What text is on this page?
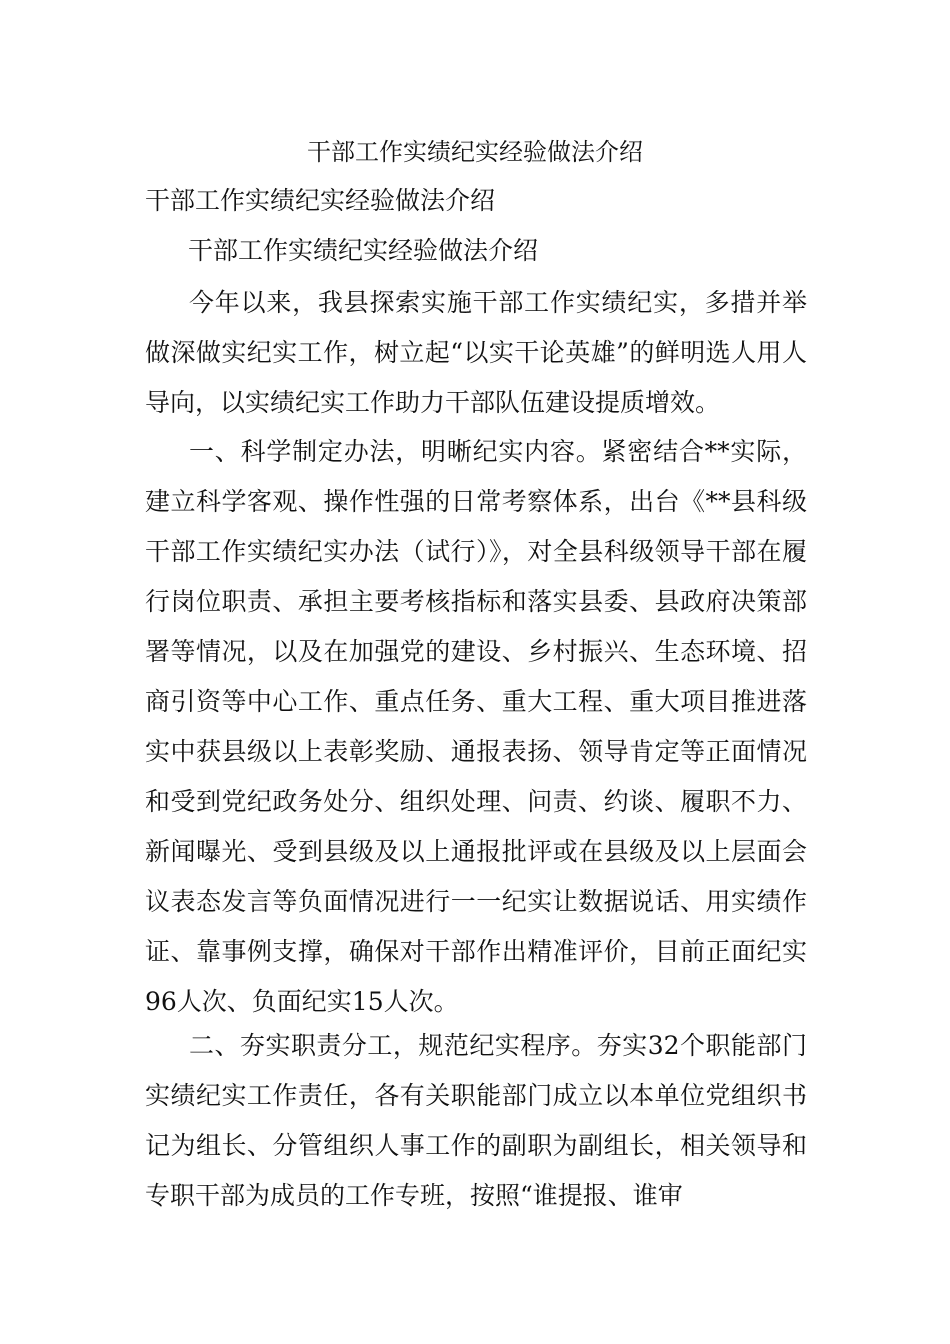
干部工作实绩纪实经验做法介绍
干部工作实绩纪实经验做法介绍
干部工作实绩纪实经验做法介绍

今年以来，我县探索实施干部工作实绩纪实，多措并举做深做实纪实工作，树立起“以实干论英雄”的鲜明选人用人导向，以实绩纪实工作助力干部队伍建设提质增效。

一、科学制定办法，明晰纪实内容。紧密结合**实际，建立科学客观、操作性强的日常考察体系，出台《**县科级干部工作实绩纪实办法（试行）》，对全县科级领导干部在履行岗位职责、承担主要考核指标和落实县委、县政府决策部署等情况，以及在加强党的建设、乡村振兴、生态环境、招商引资等中心工作、重点任务、重大工程、重大项目推进落实中获县级以上表彰奖励、通报表扬、领导肯定等正面情况和受到党纪政务处分、组织处理、问责、约谈、履职不力、新闻曝光、受到县级及以上通报批评或在县级及以上层面会议表态发言等负面情况进行一一纪实让数据说话、用实绩作证、靠事例支撑，确保对干部作出精准评价，目前正面纪实96人次、负面纪实15人次。

二、夯实职责分工，规范纪实程序。夯实32个职能部门实绩纪实工作责任，各有关职能部门成立以本单位党组织书记为组长、分管组织人事工作的副职为副组长，相关领导和专职干部为成员的工作专班，按照“谁提报、谁审
